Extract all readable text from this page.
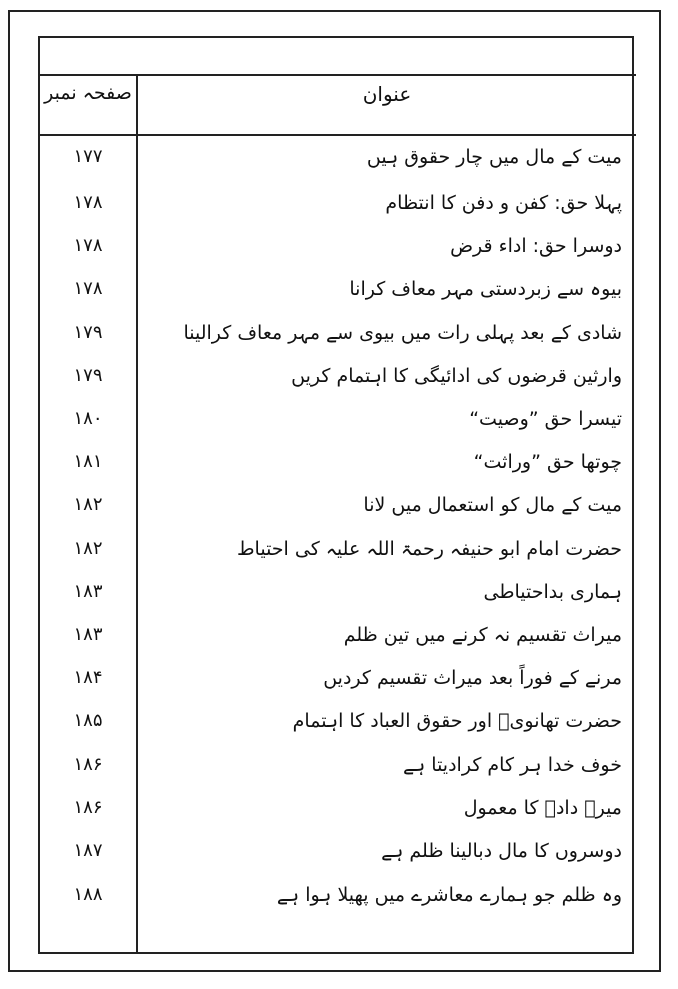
صفحہ نمبر	عنوان
۱۷۷	میت کے مال میں چار حقوق ہیں
۱۷۸	پہلا حق: کفن و دفن کا انتظام
۱۷۸	دوسرا حق: اداء قرض
۱۷۸	بیوہ سے زبردستی مہر معاف کرانا
۱۷۹	شادی کے بعد پہلی رات میں بیوی سے مہر معاف کرالینا
۱۷۹	وارثین قرضوں کی ادائیگی کا اہتمام کریں
۱۸۰	تیسرا حق ”وصیت“
۱۸۱	چوتھا حق ”وراثت“
۱۸۲	میت کے مال کو استعمال میں لانا
۱۸۲	حضرت امام ابو حنیفہ رحمۃ اللہ علیہ کی احتیاط
۱۸۳	ہماری بداحتیاطی
۱۸۳	میراث تقسیم نہ کرنے میں تین ظلم
۱۸۴	مرنے کے فوراً بعد میراث تقسیم کردیں
۱۸۵	حضرت تھانویؒ اور حقوق العباد کا اہتمام
۱۸۶	خوف خدا ہر کام کرادیتا ہے
۱۸۶	میرے دادؒ کا معمول
۱۸۷	دوسروں کا مال دبالینا ظلم ہے
۱۸۸	وہ ظلم جو ہمارے معاشرے میں پھیلا ہوا ہے
